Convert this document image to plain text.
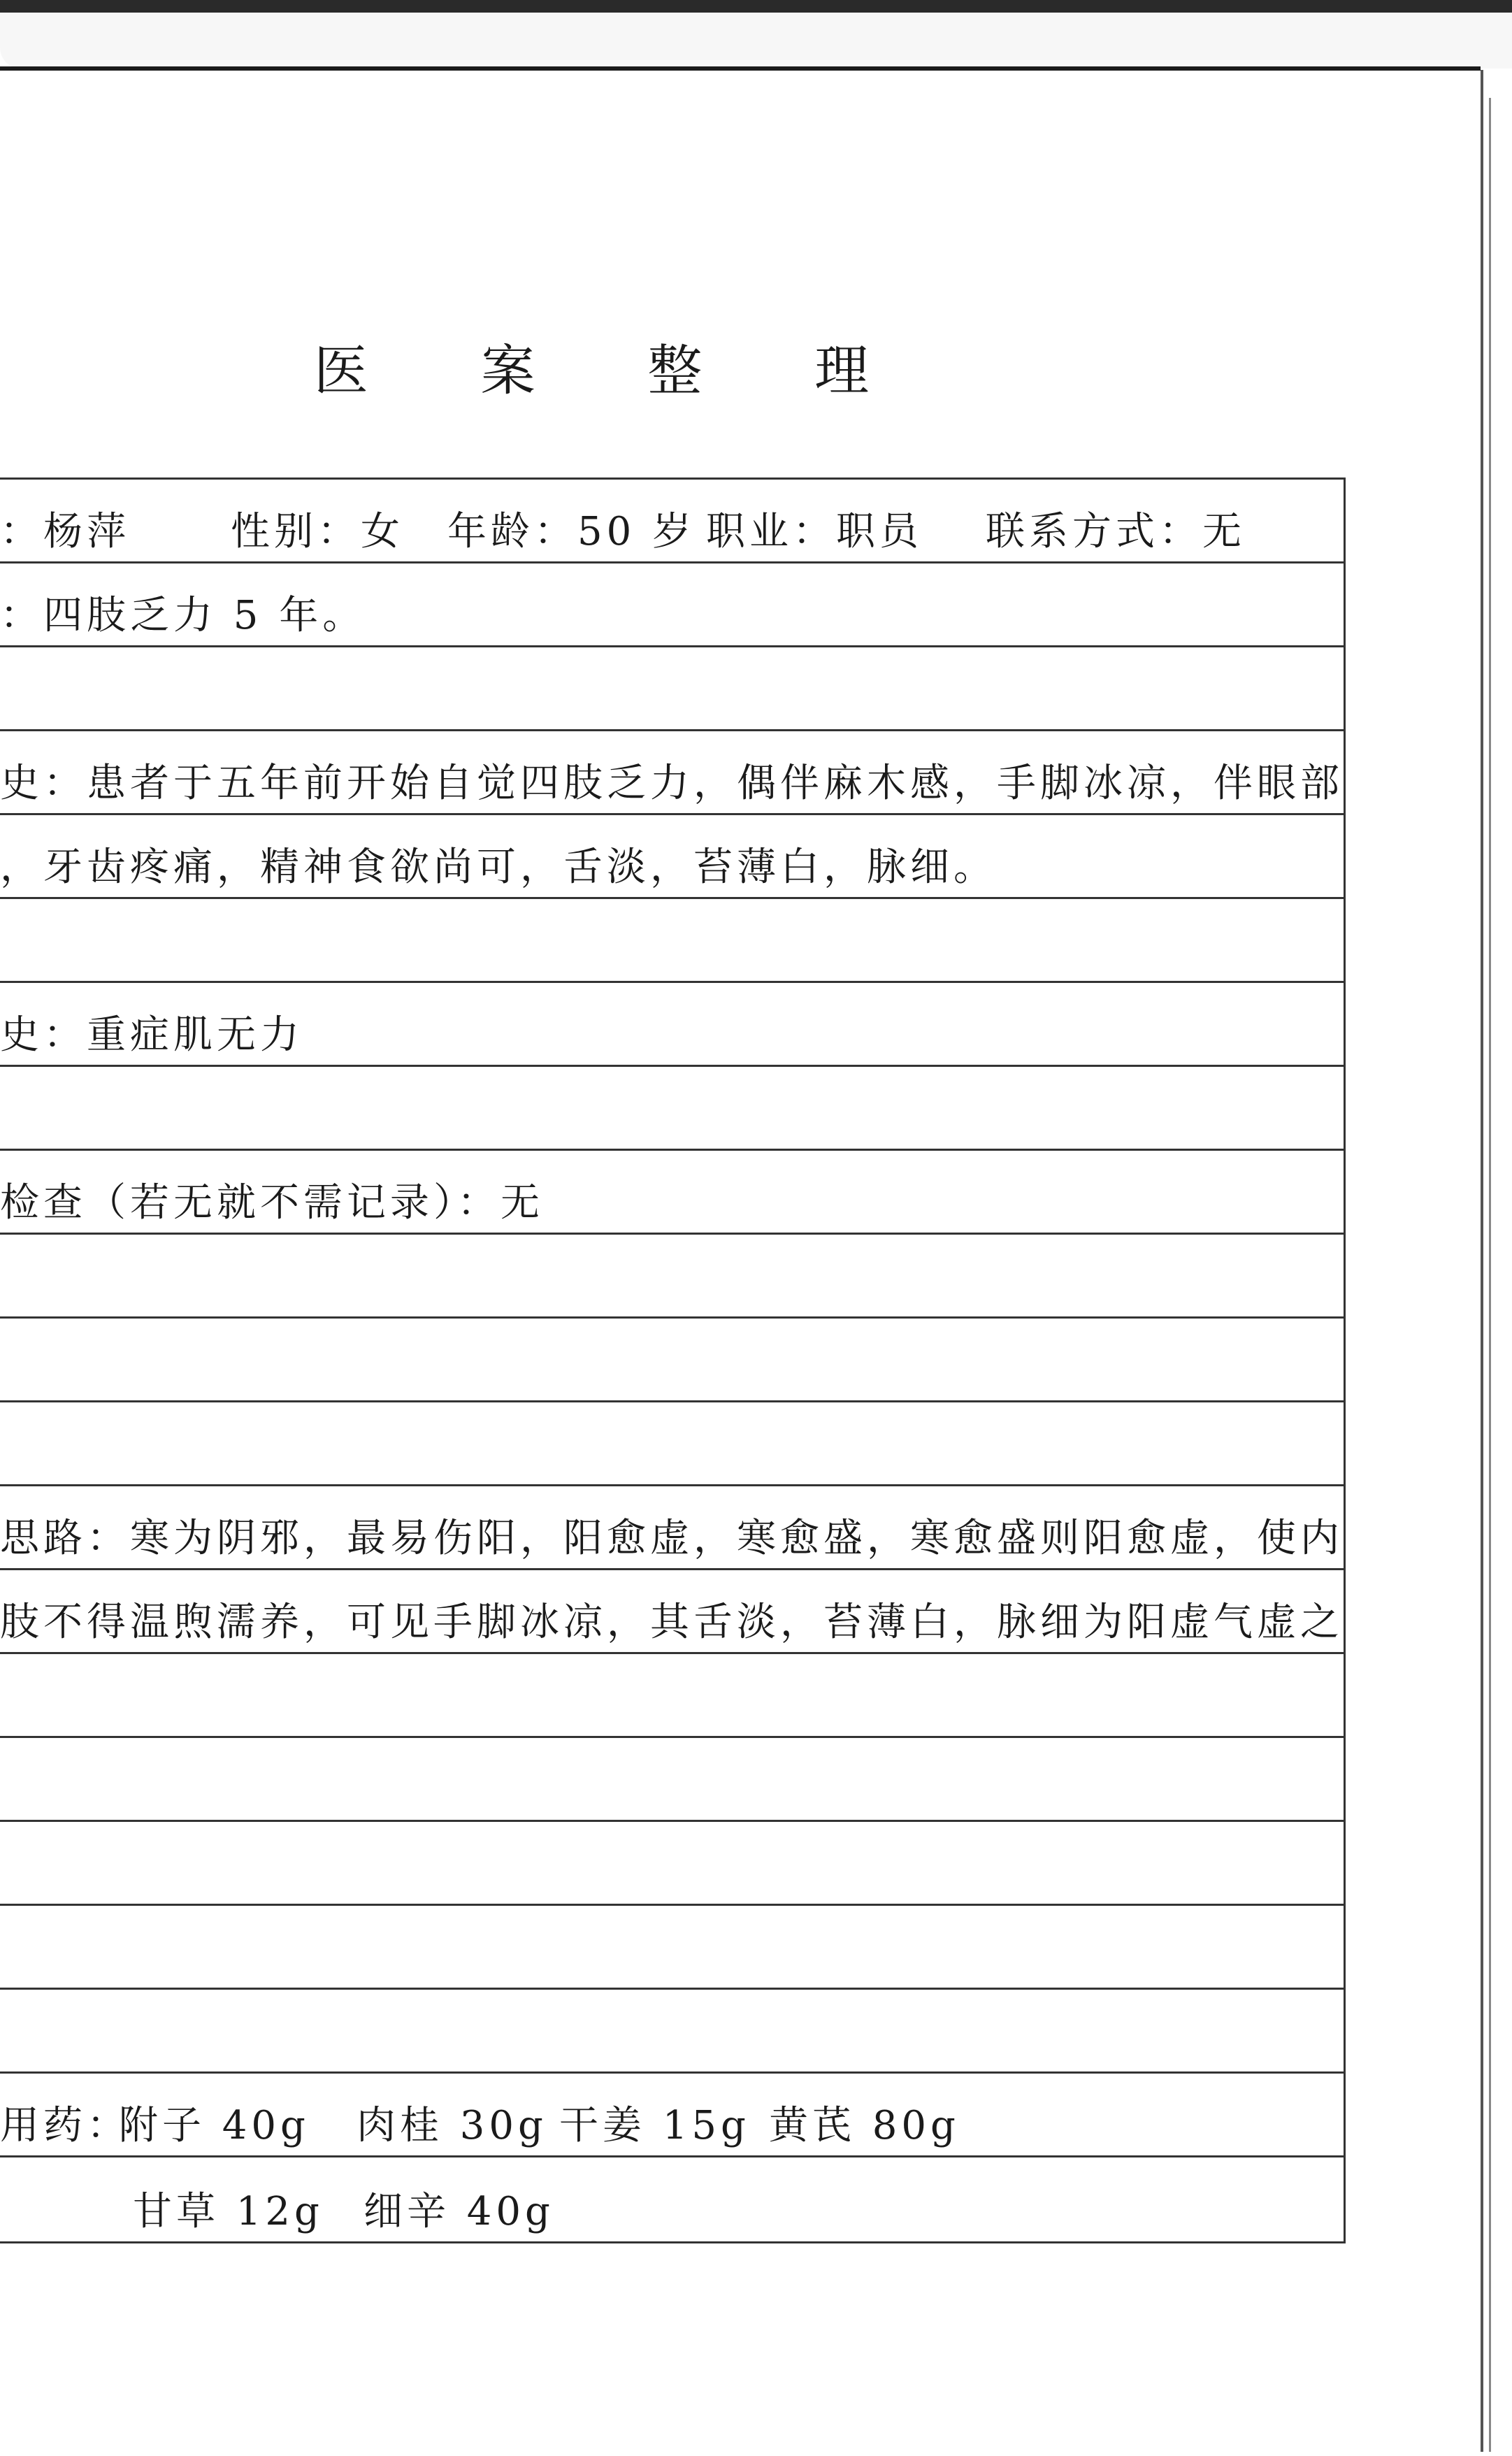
医 案 整 理
：杨萍	性别：女 年龄：50 岁 职业：职员 联系方式：无
：四肢乏力 5 年。
史：患者于五年前开始自觉四肢乏力，偶伴麻木感，手脚冰凉，伴眼部
，牙齿疼痛，精神食欲尚可，舌淡，苔薄白，脉细。
史：重症肌无力
检查（若无就不需记录）：无
思路：寒为阴邪，最易伤阳，阳愈虚，寒愈盛，寒愈盛则阳愈虚，使内
肢不得温煦濡养，可见手脚冰凉，其舌淡，苔薄白，脉细为阳虚气虚之
用药：附子 40g 肉桂 30g 干姜 15g 黄芪 80g
甘草 12g 细辛 40g
